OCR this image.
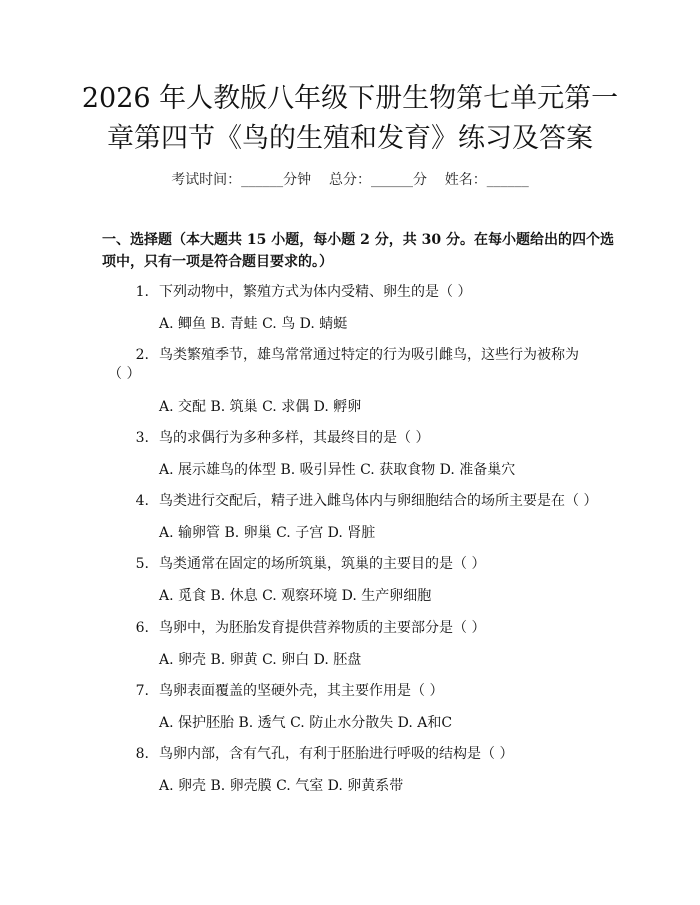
2026 年人教版八年级下册生物第七单元第一
章第四节《鸟的生殖和发育》练习及答案
考试时间：______分钟    总分：______分    姓名：______
一、选择题（本大题共 15 小题，每小题 2 分，共 30 分。在每小题给出的四个选
项中，只有一项是符合题目要求的。）
1. 下列动物中，繁殖方式为体内受精、卵生的是（ ）
A. 鲫鱼 B. 青蛙 C. 鸟 D. 蜻蜓
2. 鸟类繁殖季节，雄鸟常常通过特定的行为吸引雌鸟，这些行为被称为
（ ）
A. 交配 B. 筑巢 C. 求偶 D. 孵卵
3. 鸟的求偶行为多种多样，其最终目的是（ ）
A. 展示雄鸟的体型 B. 吸引异性 C. 获取食物 D. 准备巢穴
4. 鸟类进行交配后，精子进入雌鸟体内与卵细胞结合的场所主要是在（ ）
A. 输卵管 B. 卵巢 C. 子宫 D. 肾脏
5. 鸟类通常在固定的场所筑巢，筑巢的主要目的是（ ）
A. 觅食 B. 休息 C. 观察环境 D. 生产卵细胞
6. 鸟卵中，为胚胎发育提供营养物质的主要部分是（ ）
A. 卵壳 B. 卵黄 C. 卵白 D. 胚盘
7. 鸟卵表面覆盖的坚硬外壳，其主要作用是（ ）
A. 保护胚胎 B. 透气 C. 防止水分散失 D. A和C
8. 鸟卵内部，含有气孔，有利于胚胎进行呼吸的结构是（ ）
A. 卵壳 B. 卵壳膜 C. 气室 D. 卵黄系带
